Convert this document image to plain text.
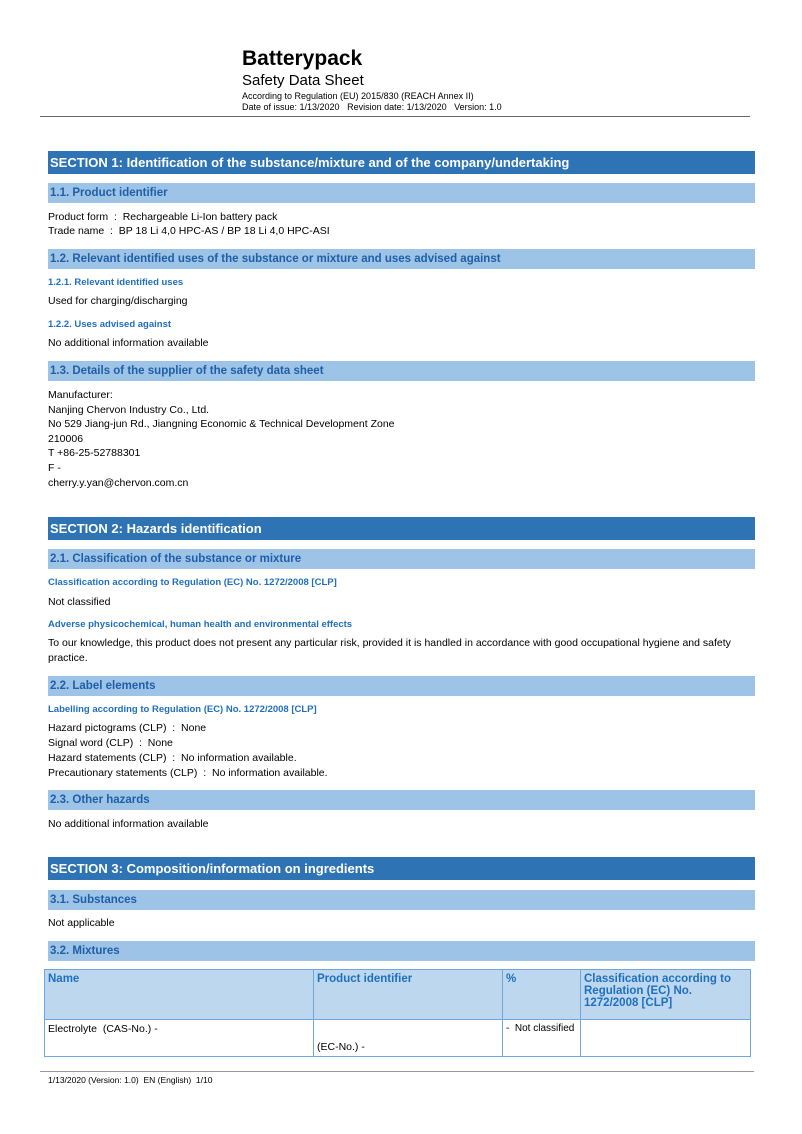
Batterypack
Safety Data Sheet
According to Regulation (EU) 2015/830 (REACH Annex II)
Date of issue: 1/13/2020   Revision date: 1/13/2020   Version: 1.0
SECTION 1: Identification of the substance/mixture and of the company/undertaking
1.1. Product identifier
Product form  :  Rechargeable Li-Ion battery pack
Trade name  :  BP 18 Li 4,0 HPC-AS / BP 18 Li 4,0 HPC-ASI
1.2. Relevant identified uses of the substance or mixture and uses advised against
1.2.1. Relevant identified uses
Used for charging/discharging
1.2.2. Uses advised against
No additional information available
1.3. Details of the supplier of the safety data sheet
Manufacturer:
Nanjing Chervon Industry Co., Ltd.
No 529 Jiang-jun Rd., Jiangning Economic & Technical Development Zone
210006
T +86-25-52788301
F -
cherry.y.yan@chervon.com.cn
SECTION 2: Hazards identification
2.1. Classification of the substance or mixture
Classification according to Regulation (EC) No. 1272/2008 [CLP]
Not classified
Adverse physicochemical, human health and environmental effects
To our knowledge, this product does not present any particular risk, provided it is handled in accordance with good occupational hygiene and safety
practice.
2.2. Label elements
Labelling according to Regulation (EC) No. 1272/2008 [CLP]
Hazard pictograms (CLP)  :  None
Signal word (CLP)  :  None
Hazard statements (CLP)  :  No information available.
Precautionary statements (CLP)  :  No information available.
2.3. Other hazards
No additional information available
SECTION 3: Composition/information on ingredients
3.1. Substances
Not applicable
3.2. Mixtures
Name	Product identifier	%	Classification according to Regulation (EC) No. 1272/2008 [CLP]
Electrolyte  (CAS-No.) -	(EC-No.) -	-  Not classified	
1/13/2020 (Version: 1.0)  EN (English)  1/10
